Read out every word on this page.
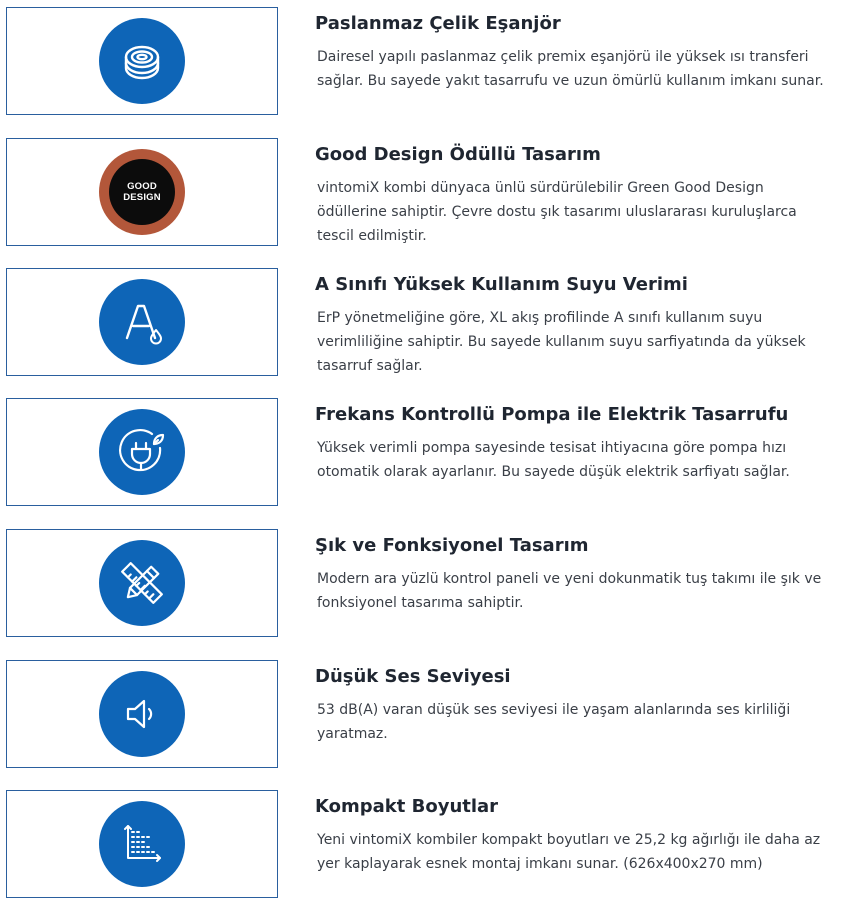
Paslanmaz Çelik Eşanjör
Dairesel yapılı paslanmaz çelik premix eşanjörü ile yüksek ısı transferi sağlar. Bu sayede yakıt tasarrufu ve uzun ömürlü kullanım imkanı sunar.
GOOD
DESIGN
Good Design Ödüllü Tasarım
vintomiX kombi dünyaca ünlü sürdürülebilir Green Good Design ödüllerine sahiptir. Çevre dostu şık tasarımı uluslararası kuruluşlarca tescil edilmiştir.
A Sınıfı Yüksek Kullanım Suyu Verimi
ErP yönetmeliğine göre, XL akış profilinde A sınıfı kullanım suyu verimliliğine sahiptir. Bu sayede kullanım suyu sarfiyatında da yüksek tasarruf sağlar.
Frekans Kontrollü Pompa ile Elektrik Tasarrufu
Yüksek verimli pompa sayesinde tesisat ihtiyacına göre pompa hızı otomatik olarak ayarlanır. Bu sayede düşük elektrik sarfiyatı sağlar.
Şık ve Fonksiyonel Tasarım
Modern ara yüzlü kontrol paneli ve yeni dokunmatik tuş takımı ile şık ve fonksiyonel tasarıma sahiptir.
Düşük Ses Seviyesi
53 dB(A) varan düşük ses seviyesi ile yaşam alanlarında ses kirliliği yaratmaz.
Kompakt Boyutlar
Yeni vintomiX kombiler kompakt boyutları ve 25,2 kg ağırlığı ile daha az yer kaplayarak esnek montaj imkanı sunar. (626x400x270 mm)
